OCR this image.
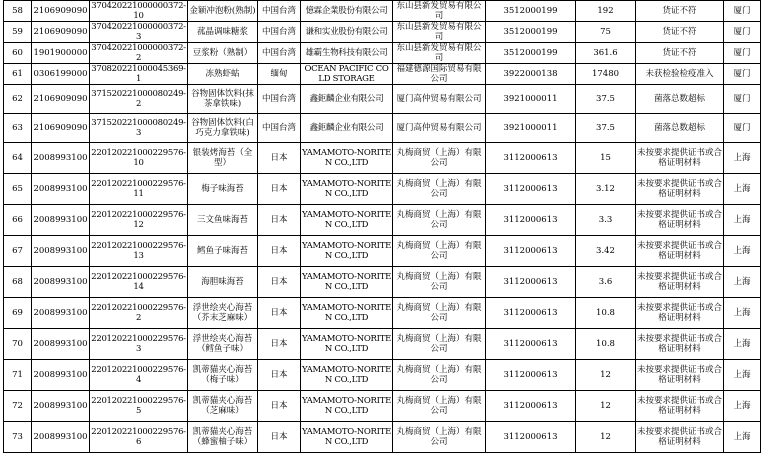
58	2106909090	370420221000000372-10	金颖冲泡粉(熟制)	中国台湾	憶霖企業股份有限公司	东山县新发贸易有限公司	3512000199	192	货证不符	厦门
59	2106909090	370420221000000372-3	菰晶调味糖浆	中国台湾	谦和实业股份有限公司	东山县新发贸易有限公司	3512000199	75	货证不符	厦门
60	1901900000	370420221000000372-2	豆浆粉（熟制）	中国台湾	雄霸生物科技有限公司	东山县新发贸易有限公司	3512000199	361.6	货证不符	厦门
61	0306199000	370820221000045369-1	冻熟虾蛄	缅甸	OCEAN PACIFIC COLD STORAGE	福建德源国际贸易有限公司	3922000138	17480	未获检验检疫准入	厦门
62	2106909090	371520221000080249-2	谷物固体饮料(抹茶拿铁味)	中国台湾	鑫鉅麟企业有限公司	厦门高仲贸易有限公司	3921000011	37.5	菌落总数超标	厦门
63	2106909090	371520221000080249-3	谷物固体饮料(白巧克力拿铁味)	中国台湾	鑫鉅麟企业有限公司	厦门高仲贸易有限公司	3921000011	37.5	菌落总数超标	厦门
64	2008993100	220120221000229576-10	银装烤海苔（全型）	日本	YAMAMOTO-NORITEN CO.,LTD	丸梅商贸（上海）有限公司	3112000613	15	未按要求提供证书或合格证明材料	上海
65	2008993100	220120221000229576-11	梅子味海苔	日本	YAMAMOTO-NORITEN CO.,LTD	丸梅商贸（上海）有限公司	3112000613	3.12	未按要求提供证书或合格证明材料	上海
66	2008993100	220120221000229576-12	三文鱼味海苔	日本	YAMAMOTO-NORITEN CO.,LTD	丸梅商贸（上海）有限公司	3112000613	3.3	未按要求提供证书或合格证明材料	上海
67	2008993100	220120221000229576-13	鳕鱼子味海苔	日本	YAMAMOTO-NORITEN CO.,LTD	丸梅商贸（上海）有限公司	3112000613	3.42	未按要求提供证书或合格证明材料	上海
68	2008993100	220120221000229576-14	海胆味海苔	日本	YAMAMOTO-NORITEN CO.,LTD	丸梅商贸（上海）有限公司	3112000613	3.6	未按要求提供证书或合格证明材料	上海
69	2008993100	220120221000229576-2	浮世绘夹心海苔（芥末芝麻味）	日本	YAMAMOTO-NORITEN CO.,LTD	丸梅商贸（上海）有限公司	3112000613	10.8	未按要求提供证书或合格证明材料	上海
70	2008993100	220120221000229576-3	浮世绘夹心海苔（鳕鱼子味）	日本	YAMAMOTO-NORITEN CO.,LTD	丸梅商贸（上海）有限公司	3112000613	10.8	未按要求提供证书或合格证明材料	上海
71	2008993100	220120221000229576-4	凯蒂猫夹心海苔（梅子味）	日本	YAMAMOTO-NORITEN CO.,LTD	丸梅商贸（上海）有限公司	3112000613	12	未按要求提供证书或合格证明材料	上海
72	2008993100	220120221000229576-5	凯蒂猫夹心海苔（芝麻味）	日本	YAMAMOTO-NORITEN CO.,LTD	丸梅商贸（上海）有限公司	3112000613	12	未按要求提供证书或合格证明材料	上海
73	2008993100	220120221000229576-6	凯蒂猫夹心海苔（蜂蜜柚子味）	日本	YAMAMOTO-NORITEN CO.,LTD	丸梅商贸（上海）有限公司	3112000613	12	未按要求提供证书或合格证明材料	上海
